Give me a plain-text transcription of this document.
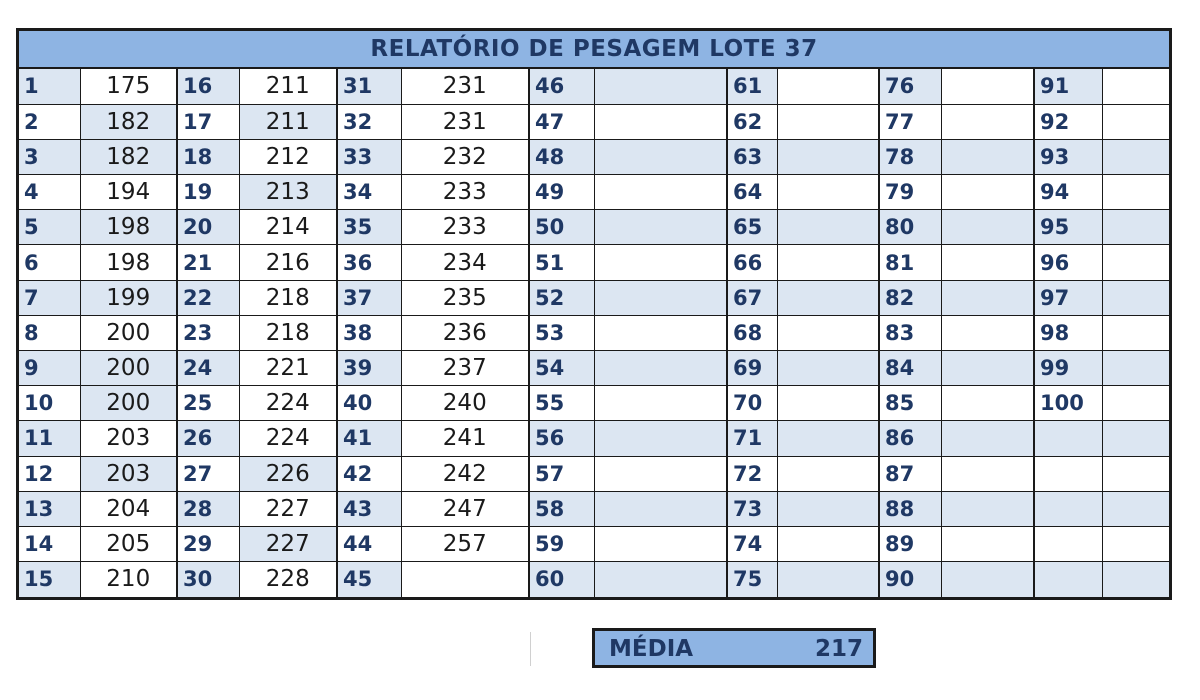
RELATÓRIO DE PESAGEM LOTE 37
1	175	16	211	31	231	46		61		76		91	
2	182	17	211	32	231	47		62		77		92	
3	182	18	212	33	232	48		63		78		93	
4	194	19	213	34	233	49		64		79		94	
5	198	20	214	35	233	50		65		80		95	
6	198	21	216	36	234	51		66		81		96	
7	199	22	218	37	235	52		67		82		97	
8	200	23	218	38	236	53		68		83		98	
9	200	24	221	39	237	54		69		84		99	
10	200	25	224	40	240	55		70		85		100	
11	203	26	224	41	241	56		71		86			
12	203	27	226	42	242	57		72		87			
13	204	28	227	43	247	58		73		88			
14	205	29	227	44	257	59		74		89			
15	210	30	228	45		60		75		90			
MÉDIA	217
